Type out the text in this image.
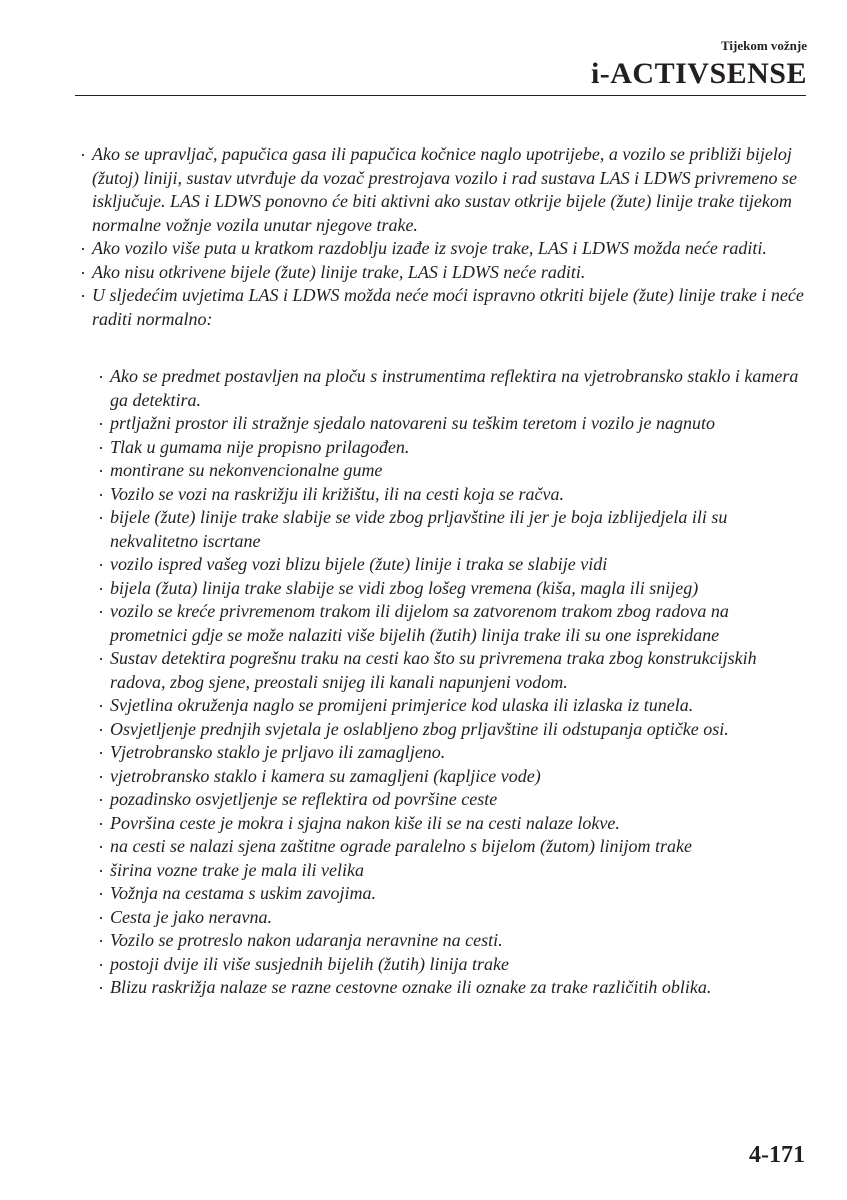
Tijekom vožnje
i-ACTIVSENSE
· Ako se upravljač, papučica gasa ili papučica kočnice naglo upotrijebe, a vozilo se približi bijeloj (žutoj) liniji, sustav utvrđuje da vozač prestrojava vozilo i rad sustava LAS i LDWS privremeno se isključuje. LAS i LDWS ponovno će biti aktivni ako sustav otkrije bijele (žute) linije trake tijekom normalne vožnje vozila unutar njegove trake.
· Ako vozilo više puta u kratkom razdoblju izađe iz svoje trake, LAS i LDWS možda neće raditi.
· Ako nisu otkrivene bijele (žute) linije trake, LAS i LDWS neće raditi.
· U sljedećim uvjetima LAS i LDWS možda neće moći ispravno otkriti bijele (žute) linije trake i neće raditi normalno:
· Ako se predmet postavljen na ploču s instrumentima reflektira na vjetrobransko staklo i kamera ga detektira.
· prtljažni prostor ili stražnje sjedalo natovareni su teškim teretom i vozilo je nagnuto
· Tlak u gumama nije propisno prilagođen.
· montirane su nekonvencionalne gume
· Vozilo se vozi na raskrižju ili križištu, ili na cesti koja se račva.
· bijele (žute) linije trake slabije se vide zbog prljavštine ili jer je boja izblijedjela ili su nekvalitetno iscrtane
· vozilo ispred vašeg vozi blizu bijele (žute) linije i traka se slabije vidi
· bijela (žuta) linija trake slabije se vidi zbog lošeg vremena (kiša, magla ili snijeg)
· vozilo se kreće privremenom trakom ili dijelom sa zatvorenom trakom zbog radova na prometnici gdje se može nalaziti više bijelih (žutih) linija trake ili su one isprekidane
· Sustav detektira pogrešnu traku na cesti kao što su privremena traka zbog konstrukcijskih radova, zbog sjene, preostali snijeg ili kanali napunjeni vodom.
· Svjetlina okruženja naglo se promijeni primjerice kod ulaska ili izlaska iz tunela.
· Osvjetljenje prednjih svjetala je oslabljeno zbog prljavštine ili odstupanja optičke osi.
· Vjetrobransko staklo je prljavo ili zamagljeno.
· vjetrobransko staklo i kamera su zamagljeni (kapljice vode)
· pozadinsko osvjetljenje se reflektira od površine ceste
· Površina ceste je mokra i sjajna nakon kiše ili se na cesti nalaze lokve.
· na cesti se nalazi sjena zaštitne ograde paralelno s bijelom (žutom) linijom trake
· širina vozne trake je mala ili velika
· Vožnja na cestama s uskim zavojima.
· Cesta je jako neravna.
· Vozilo se protreslo nakon udaranja neravnine na cesti.
· postoji dvije ili više susjednih bijelih (žutih) linija trake
· Blizu raskrižja nalaze se razne cestovne oznake ili oznake za trake različitih oblika.
4-171
